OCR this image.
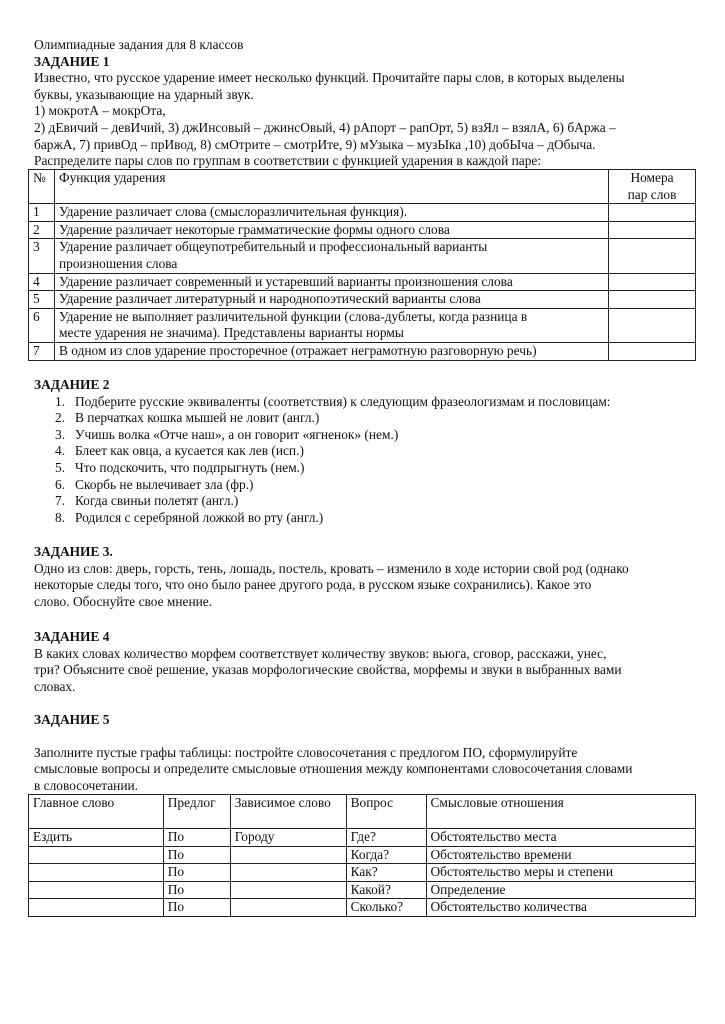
Олимпиадные задания для 8 классов

ЗАДАНИЕ 1

Известно, что русское ударение имеет несколько функций. Прочитайте пары слов, в которых выделены

буквы, указывающие на ударный звук.

1) мокротА – мокрОта,

2) дЕвичий – девИчий, 3) джИнсовый – джинсОвый, 4) рАпорт – рапОрт, 5) взЯл – взялА, 6) бАржа –

баржА, 7) привОд – прИвод, 8) смОтрите – смотрИте, 9) мУзыка – музЫка ,10) добЫча – дОбыча.

Распределите пары слов по группам в соответствии с функцией ударения в каждой паре:

№	Функция ударения	Номера
пар слов

1	Ударение различает слова (смыслоразличительная функция).	
2	Ударение различает некоторые грамматические формы одного слова	
3	Ударение различает общеупотребительный и профессиональный варианты
произношения слова	

4	Ударение различает современный и устаревший варианты произношения слова	
5	Ударение различает литературный и народнопоэтический варианты слова	
6	Ударение не выполняет различительной функции (слова-дублеты, когда разница в
месте ударения не значима). Представлены варианты нормы	

7	В одном из слов ударение просторечное (отражает неграмотную разговорную речь)	

ЗАДАНИЕ 2

1. Подберите русские эквиваленты (соответствия) к следующим фразеологизмам и пословицам:
2. В перчатках кошка мышей не ловит (англ.)
3. Учишь волка «Отче наш», а он говорит «ягненок» (нем.)
4. Блеет как овца, а кусается как лев (исп.)
5. Что подскочить, что подпрыгнуть (нем.)
6. Скорбь не вылечивает зла (фр.)
7. Когда свиньи полетят (англ.)
8. Родился с серебряной ложкой во рту (англ.)

ЗАДАНИЕ 3.

Одно из слов: дверь, горсть, тень, лошадь, постель, кровать – изменило в ходе истории свой род (однако

некоторые следы того, что оно было ранее другого рода, в русском языке сохранились). Какое это

слово. Обоснуйте свое мнение.

ЗАДАНИЕ 4

В каких словах количество морфем соответствует количеству звуков: вьюга, сговор, расскажи, унес,

три? Объясните своё решение, указав морфологические свойства, морфемы и звуки в выбранных вами

словах.

ЗАДАНИЕ 5

Заполните пустые графы таблицы: постройте словосочетания с предлогом ПО, сформулируйте

смысловые вопросы и определите смысловые отношения между компонентами словосочетания словами

в словосочетании.

Главное слово	Предлог	Зависимое слово	Вопрос	Смысловые отношения
Ездить	По	Городу	Где?	Обстоятельство места
	По		Когда?	Обстоятельство времени
	По		Как?	Обстоятельство меры и степени
	По		Какой?	Определение
	По		Сколько?	Обстоятельство количества
